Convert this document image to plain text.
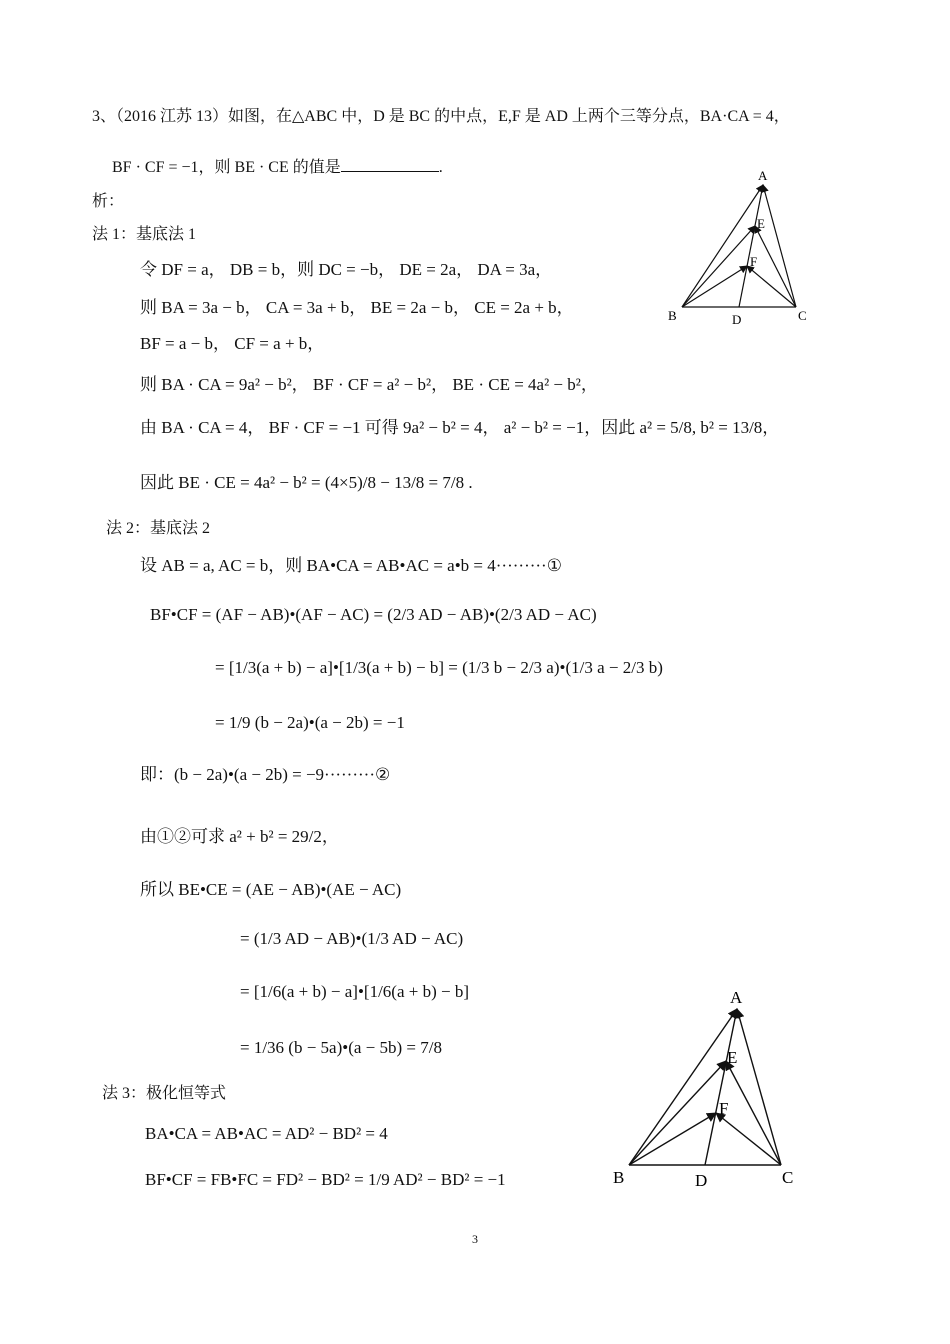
3、（2016 江苏 13）如图，在△ABC 中，D 是 BC 的中点，E,F 是 AD 上两个三等分点，BA·CA = 4，
BF · CF = −1，则 BE · CE 的值是	.
析：
法 1：基底法 1
令 DF = a， DB = b，则 DC = −b， DE = 2a， DA = 3a，
则 BA = 3a − b， CA = 3a + b， BE = 2a − b， CE = 2a + b，
BF = a − b， CF = a + b，
则 BA · CA = 9a² − b²， BF · CF = a² − b²， BE · CE = 4a² − b²，
由 BA · CA = 4， BF · CF = −1 可得 9a² − b² = 4， a² − b² = −1，因此 a² = 5/8, b² = 13/8，
因此 BE · CE = 4a² − b² = (4×5)/8 − 13/8 = 7/8 .
法 2：基底法 2
设 AB = a, AC = b，则 BA•CA = AB•AC = a•b = 4·········①
BF•CF = (AF − AB)•(AF − AC) = (2/3 AD − AB)•(2/3 AD − AC)
= [1/3(a + b) − a]•[1/3(a + b) − b] = (1/3 b − 2/3 a)•(1/3 a − 2/3 b)
= 1/9 (b − 2a)•(a − 2b) = −1
即：(b − 2a)•(a − 2b) = −9·········②
由①②可求 a² + b² = 29/2，
所以 BE•CE = (AE − AB)•(AE − AC)
= (1/3 AD − AB)•(1/3 AD − AC)
= [1/6(a + b) − a]•[1/6(a + b) − b]
= 1/36 (b − 5a)•(a − 5b) = 7/8
法 3：极化恒等式
BA•CA = AB•AC = AD² − BD² = 4
BF•CF = FB•FC = FD² − BD² = 1/9 AD² − BD² = −1
A
E
F
B	D	C
A
E
F
B	D	C
3
